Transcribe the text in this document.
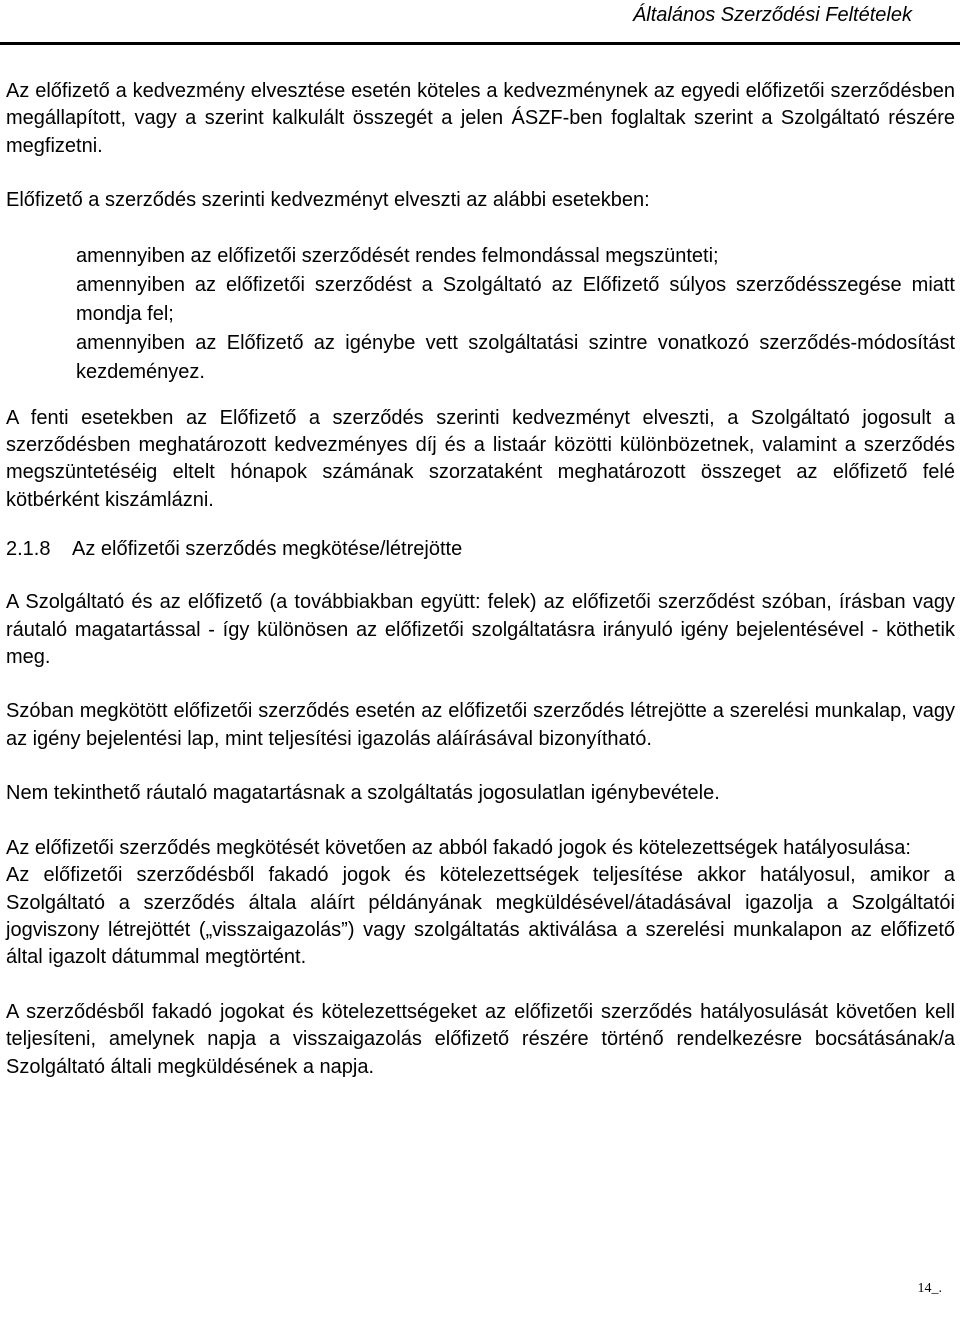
Általános Szerződési Feltételek

Az előfizető a kedvezmény elvesztése esetén köteles a kedvezménynek az egyedi előfizetői szerződésben megállapított, vagy a szerint kalkulált összegét a jelen ÁSZF-ben foglaltak szerint a Szolgáltató részére megfizetni.

Előfizető a szerződés szerinti kedvezményt elveszti az alábbi esetekben:

amennyiben az előfizetői szerződését rendes felmondással megszünteti;
amennyiben az előfizetői szerződést a Szolgáltató az Előfizető súlyos szerződésszegése miatt mondja fel;
amennyiben az Előfizető az igénybe vett szolgáltatási szintre vonatkozó szerződés-módosítást kezdeményez.

A fenti esetekben az Előfizető a szerződés szerinti kedvezményt elveszti, a Szolgáltató jogosult a szerződésben meghatározott kedvezményes díj és a listaár közötti különbözetnek, valamint a szerződés megszüntetéséig eltelt hónapok számának szorzataként meghatározott összeget az előfizető felé kötbérként kiszámlázni.

2.1.8 Az előfizetői szerződés megkötése/létrejötte

A Szolgáltató és az előfizető (a továbbiakban együtt: felek) az előfizetői szerződést szóban, írásban vagy ráutaló magatartással - így különösen az előfizetői szolgáltatásra irányuló igény bejelentésével - köthetik meg.

Szóban megkötött előfizetői szerződés esetén az előfizetői szerződés létrejötte a szerelési munkalap, vagy az igény bejelentési lap, mint teljesítési igazolás aláírásával bizonyítható.

Nem tekinthető ráutaló magatartásnak a szolgáltatás jogosulatlan igénybevétele.

Az előfizetői szerződés megkötését követően az abból fakadó jogok és kötelezettségek hatályosulása:

Az előfizetői szerződésből fakadó jogok és kötelezettségek teljesítése akkor hatályosul, amikor a Szolgáltató a szerződés általa aláírt példányának megküldésével/átadásával igazolja a Szolgáltatói jogviszony létrejöttét („visszaigazolás”) vagy szolgáltatás aktiválása a szerelési munkalapon az előfizető által igazolt dátummal megtörtént.

A szerződésből fakadó jogokat és kötelezettségeket az előfizetői szerződés hatályosulását követően kell teljesíteni, amelynek napja a visszaigazolás előfizető részére történő rendelkezésre bocsátásának/a Szolgáltató általi megküldésének a napja.

14_.
